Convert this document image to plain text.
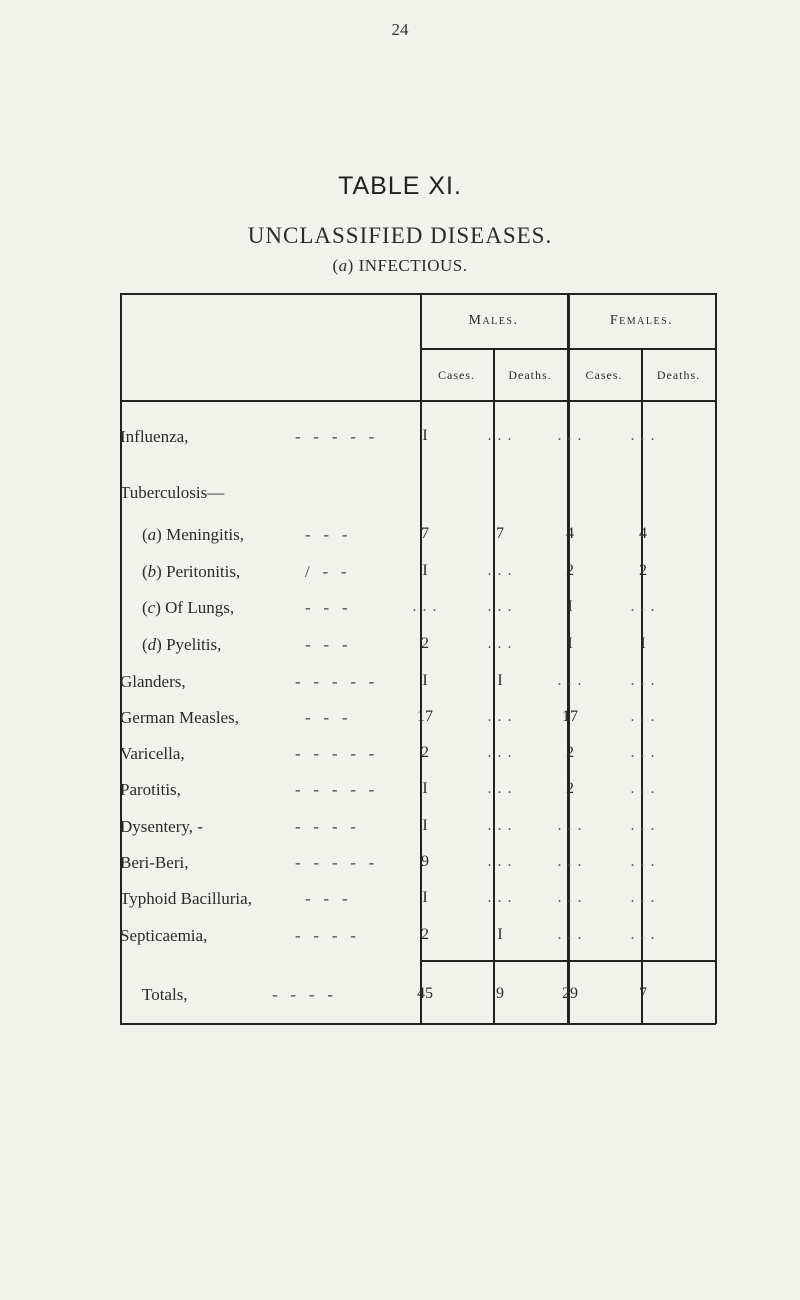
24
TABLE XI.
UNCLASSIFIED DISEASES.
(a) INFECTIOUS.
Males.	Females.
Cases.	Deaths.	Cases.	Deaths.
Influenza,	-   -   -   -   -	I	. . .	. . .	. . .
Tuberculosis—
(a) Meningitis,	-   -   -	7	7	4	4
(b) Peritonitis,	/   -   -	I	. . .	2	2
(c) Of Lungs,	-   -   -	. . .	. . .	I	. . .
(d) Pyelitis,	-   -   -	2	. . .	I	I
Glanders,	-   -   -   -   -	I	I	. . .	. . .
German Measles,	-   -   -	17	. . .	17	. . .
Varicella,	-   -   -   -   -	2	. . .	2	. . .
Parotitis,	-   -   -   -   -	I	. . .	2	. . .
Dysentery, -	-   -   -   -	I	. . .	. . .	. . .
Beri-Beri,	-   -   -   -   -	9	. . .	. . .	. . .
Typhoid Bacilluria,	-   -   -	I	. . .	. . .	. . .
Septicaemia,	-   -   -   -	2	I	. . .	. . .
Totals,	-   -   -   -	45	9	29	7
